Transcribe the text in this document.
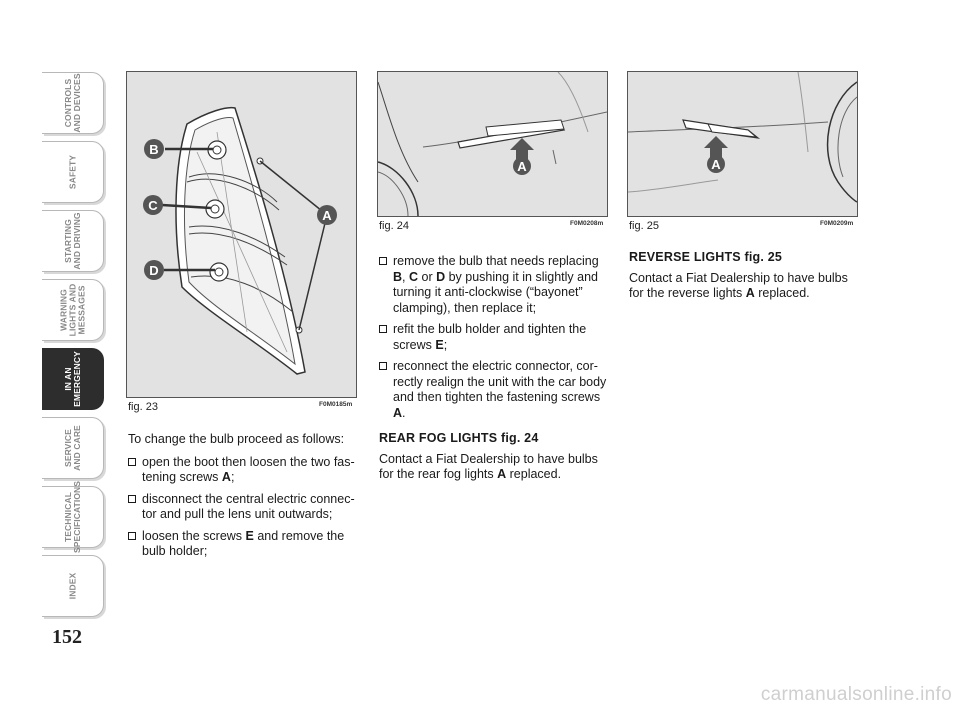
CONTROLS
AND DEVICES
SAFETY
STARTING
AND DRIVING
WARNING
LIGHTS AND
MESSAGES
IN AN
EMERGENCY
SERVICE
AND CARE
TECHNICAL
SPECIFICATIONS
INDEX
152
B
C
D
A
fig. 23	F0M0185m
A
fig. 24	F0M0208m
A
fig. 25	F0M0209m

To change the bulb proceed as follows:

open the boot then loosen the two fas-tening screws A;
disconnect the central electric connec-tor and pull the lens unit outwards;
loosen the screws E and remove the bulb holder;
remove the bulb that needs replacing B, C or D by pushing it in slightly and turning it anti-clockwise (“bayonet” clamping), then replace it;
refit the bulb holder and tighten the screws E;
reconnect the electric connector, cor-rectly realign the unit with the car body and then tighten the fastening screws A.
REAR FOG LIGHTS fig. 24

Contact a Fiat Dealership to have bulbs for the rear fog lights A replaced.

REVERSE LIGHTS fig. 25

Contact a Fiat Dealership to have bulbs for the reverse lights A replaced.

carmanualsonline.info
